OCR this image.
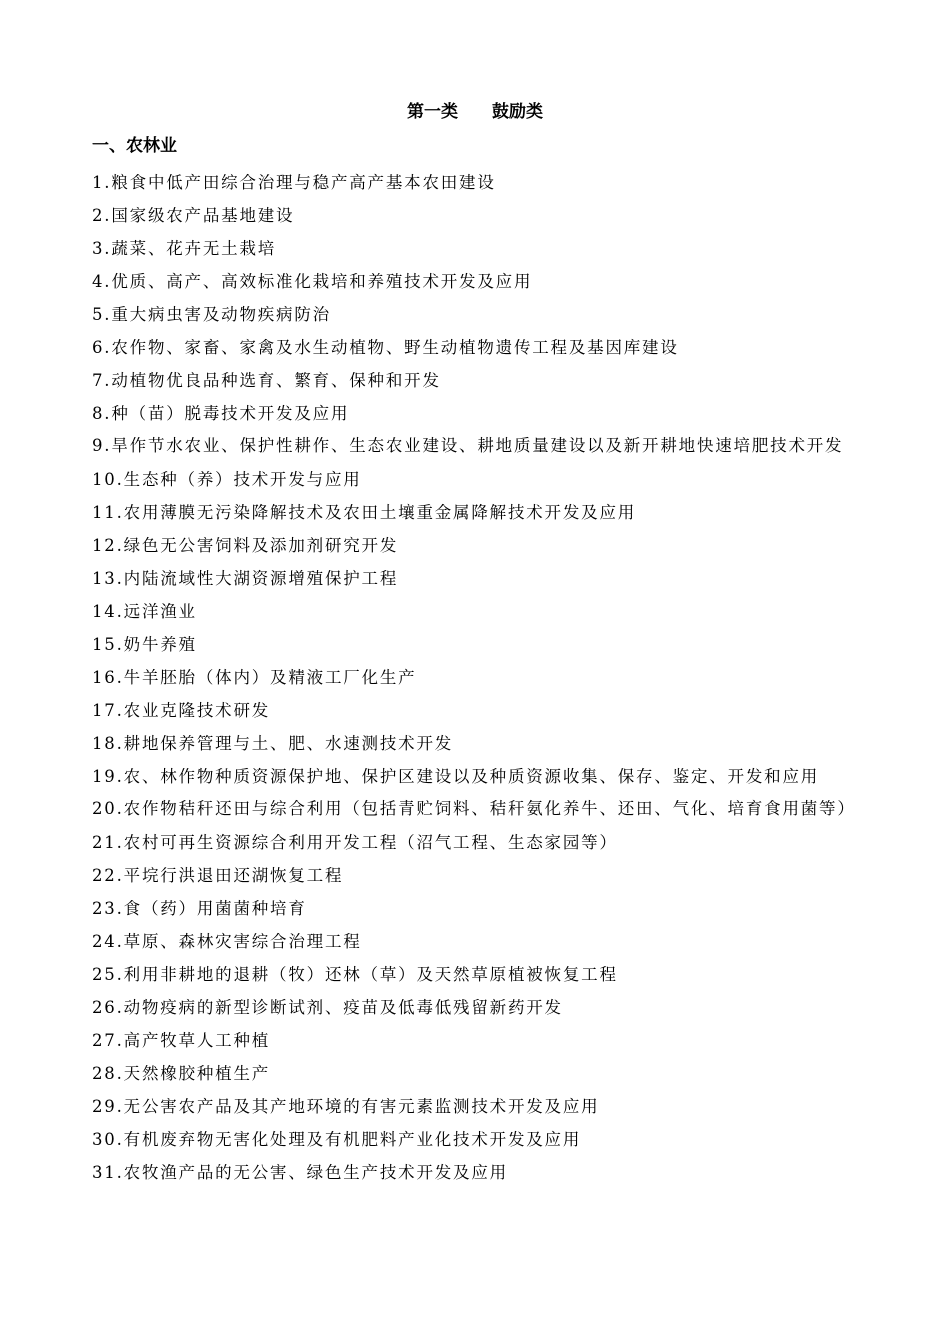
第一类　　鼓励类
一、农林业
1.粮食中低产田综合治理与稳产高产基本农田建设
2.国家级农产品基地建设
3.蔬菜、花卉无土栽培
4.优质、高产、高效标准化栽培和养殖技术开发及应用
5.重大病虫害及动物疾病防治
6.农作物、家畜、家禽及水生动植物、野生动植物遗传工程及基因库建设
7.动植物优良品种选育、繁育、保种和开发
8.种（苗）脱毒技术开发及应用
9.旱作节水农业、保护性耕作、生态农业建设、耕地质量建设以及新开耕地快速培肥技术开发
10.生态种（养）技术开发与应用
11.农用薄膜无污染降解技术及农田土壤重金属降解技术开发及应用
12.绿色无公害饲料及添加剂研究开发
13.内陆流域性大湖资源增殖保护工程
14.远洋渔业
15.奶牛养殖
16.牛羊胚胎（体内）及精液工厂化生产
17.农业克隆技术研发
18.耕地保养管理与土、肥、水速测技术开发
19.农、林作物种质资源保护地、保护区建设以及种质资源收集、保存、鉴定、开发和应用
20.农作物秸秆还田与综合利用（包括青贮饲料、秸秆氨化养牛、还田、气化、培育食用菌等）
21.农村可再生资源综合利用开发工程（沼气工程、生态家园等）
22.平垸行洪退田还湖恢复工程
23.食（药）用菌菌种培育
24.草原、森林灾害综合治理工程
25.利用非耕地的退耕（牧）还林（草）及天然草原植被恢复工程
26.动物疫病的新型诊断试剂、疫苗及低毒低残留新药开发
27.高产牧草人工种植
28.天然橡胶种植生产
29.无公害农产品及其产地环境的有害元素监测技术开发及应用
30.有机废弃物无害化处理及有机肥料产业化技术开发及应用
31.农牧渔产品的无公害、绿色生产技术开发及应用
